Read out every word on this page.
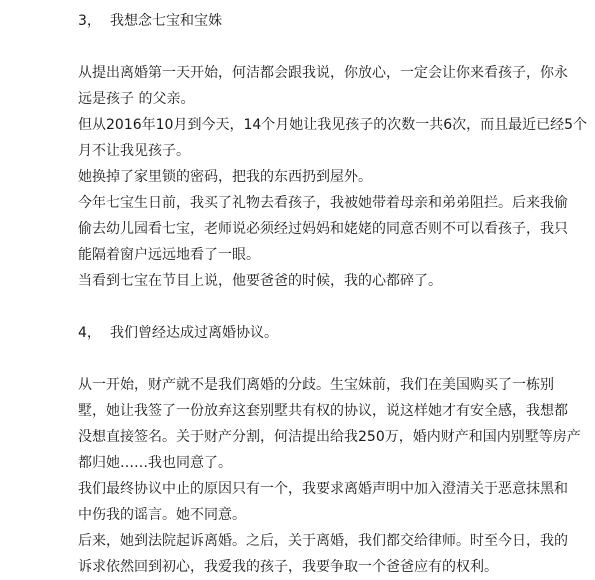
3， 我想念七宝和宝姝

从提出离婚第一天开始，何洁都会跟我说，你放心，一定会让你来看孩子，你永
远是孩子 的父亲。

但从2016年10月到今天，14个月她让我见孩子的次数一共6次，而且最近已经5个
月不让我见孩子。

她换掉了家里锁的密码，把我的东西扔到屋外。

今年七宝生日前，我买了礼物去看孩子，我被她带着母亲和弟弟阻拦。后来我偷
偷去幼儿园看七宝，老师说必须经过妈妈和姥姥的同意否则不可以看孩子，我只
能隔着窗户远远地看了一眼。

当看到七宝在节目上说，他要爸爸的时候，我的心都碎了。

4， 我们曾经达成过离婚协议。

从一开始，财产就不是我们离婚的分歧。生宝妹前，我们在美国购买了一栋别
墅，她让我签了一份放弃这套别墅共有权的协议，说这样她才有安全感，我想都
没想直接签名。关于财产分割，何洁提出给我250万，婚内财产和国内别墅等房产
都归她……我也同意了。

我们最终协议中止的原因只有一个，我要求离婚声明中加入澄清关于恶意抹黑和
中伤我的谣言。她不同意。

后来，她到法院起诉离婚。之后，关于离婚，我们都交给律师。时至今日，我的
诉求依然回到初心，我爱我的孩子，我要争取一个爸爸应有的权利。
